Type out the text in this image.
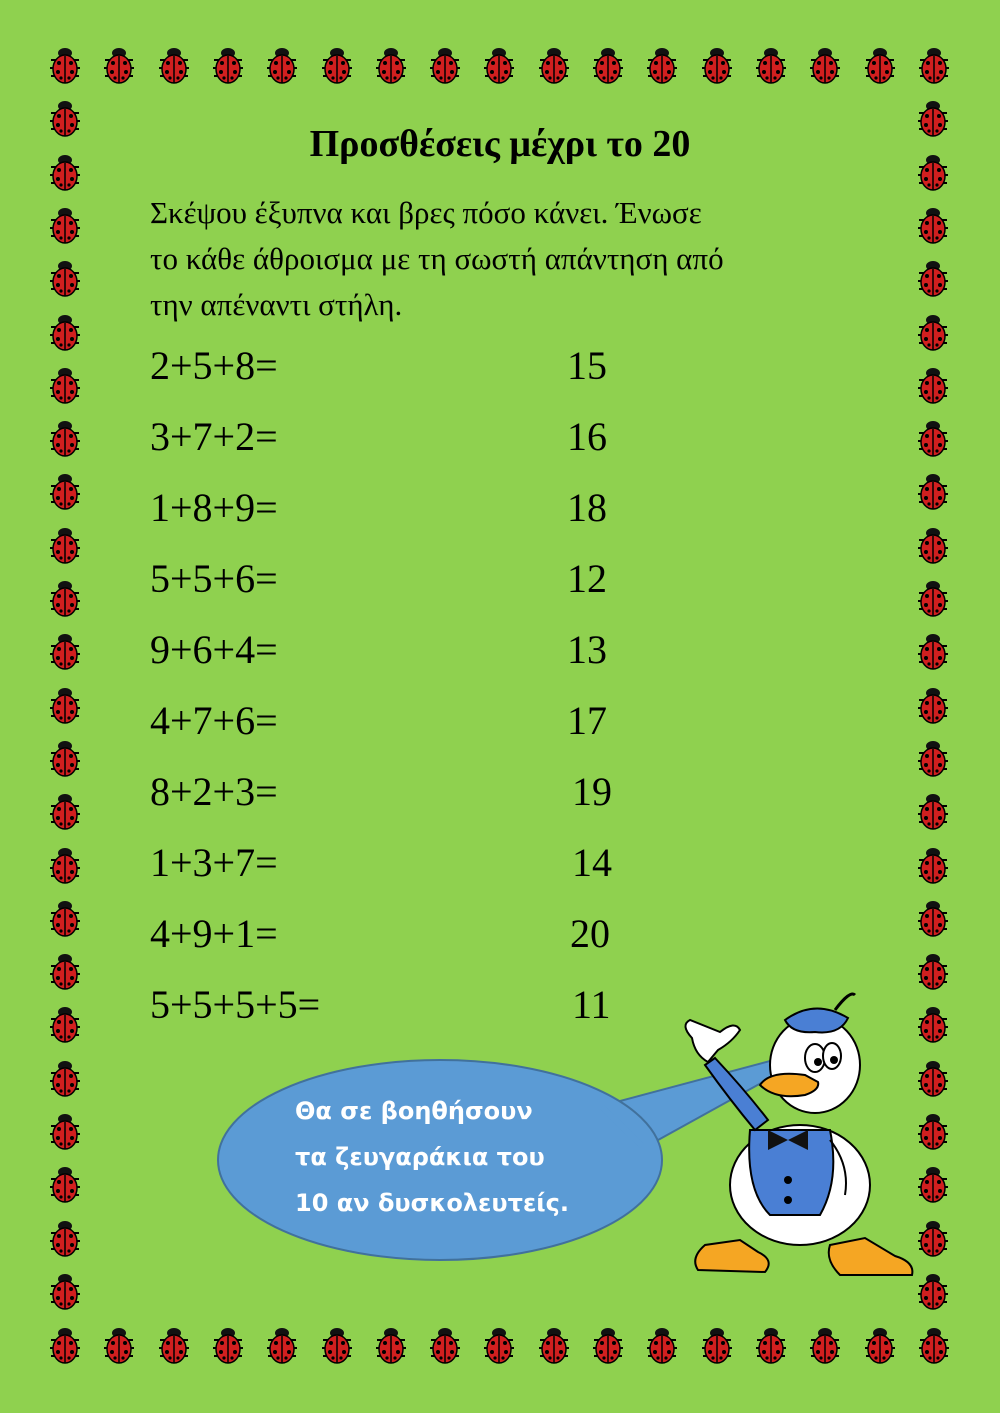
Προσθέσεις μέχρι το 20
Σκέψου έξυπνα και βρες πόσο κάνει. Ένωσε
το κάθε άθροισμα με τη σωστή απάντηση από
την απέναντι στήλη.
2+5+8=	15
3+7+2=	16
1+8+9=	18
5+5+6=	12
9+6+4=	13
4+7+6=	17
8+2+3=	19
1+3+7=	14
4+9+1=	20
5+5+5+5=	11
Θα σε βοηθήσουν
τα ζευγαράκια του
10 αν δυσκολευτείς.
